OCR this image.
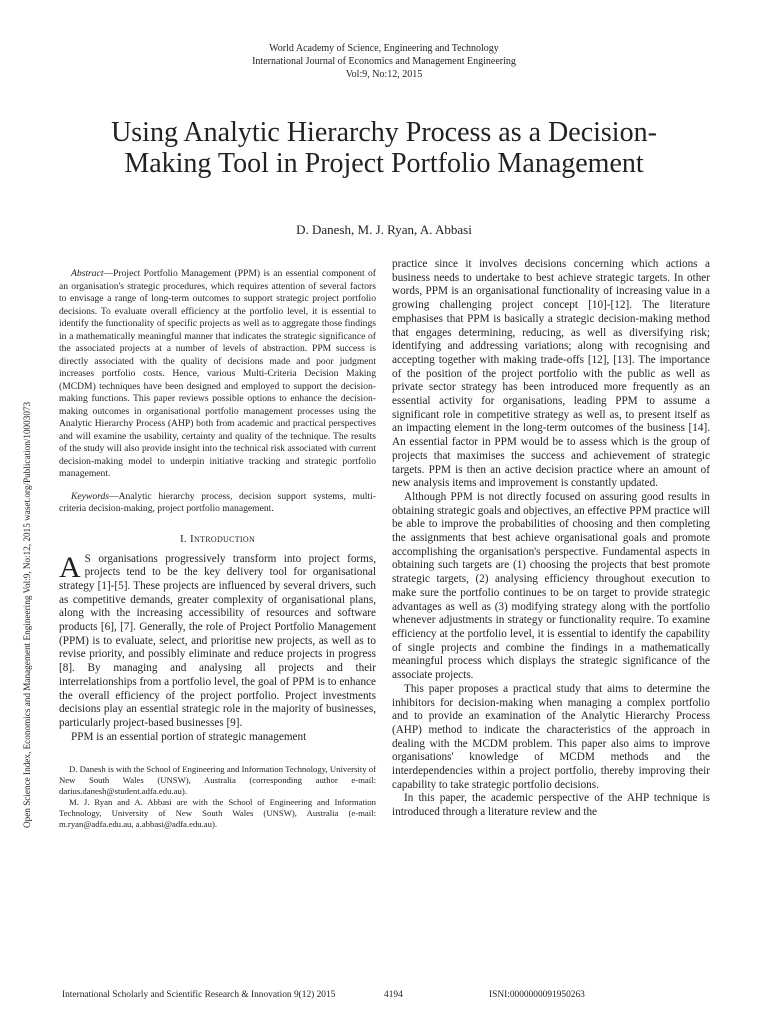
World Academy of Science, Engineering and Technology
International Journal of Economics and Management Engineering
Vol:9, No:12, 2015
Using Analytic Hierarchy Process as a Decision-Making Tool in Project Portfolio Management
D. Danesh, M. J. Ryan, A. Abbasi
Open Science Index, Economics and Management Engineering Vol:9, No:12, 2015 waset.org/Publication/10003073

Abstract—Project Portfolio Management (PPM) is an essential component of an organisation's strategic procedures, which requires attention of several factors to envisage a range of long-term outcomes to support strategic project portfolio decisions. To evaluate overall efficiency at the portfolio level, it is essential to identify the functionality of specific projects as well as to aggregate those findings in a mathematically meaningful manner that indicates the strategic significance of the associated projects at a number of levels of abstraction. PPM success is directly associated with the quality of decisions made and poor judgment increases portfolio costs. Hence, various Multi-Criteria Decision Making (MCDM) techniques have been designed and employed to support the decision-making functions. This paper reviews possible options to enhance the decision-making outcomes in organisational portfolio management processes using the Analytic Hierarchy Process (AHP) both from academic and practical perspectives and will examine the usability, certainty and quality of the technique. The results of the study will also provide insight into the technical risk associated with current decision-making model to underpin initiative tracking and strategic portfolio management.

Keywords—Analytic hierarchy process, decision support systems, multi-criteria decision-making, project portfolio management.

I. Introduction

A S organisations progressively transform into project forms, projects tend to be the key delivery tool for organisational strategy [1]-[5]. These projects are influenced by several drivers, such as competitive demands, greater complexity of organisational plans, along with the increasing accessibility of resources and software products [6], [7]. Generally, the role of Project Portfolio Management (PPM) is to evaluate, select, and prioritise new projects, as well as to revise priority, and possibly eliminate and reduce projects in progress [8]. By managing and analysing all projects and their interrelationships from a portfolio level, the goal of PPM is to enhance the overall efficiency of the project portfolio. Project investments decisions play an essential strategic role in the majority of businesses, particularly project-based businesses [9].

PPM is an essential portion of strategic management

D. Danesh is with the School of Engineering and Information Technology, University of New South Wales (UNSW), Australia (corresponding author e-mail: darius.danesh@student.adfa.edu.au).

M. J. Ryan and A. Abbasi are with the School of Engineering and Information Technology, University of New South Wales (UNSW), Australia (e-mail: m.ryan@adfa.edu.au, a.abbasi@adfa.edu.au).

practice since it involves decisions concerning which actions a business needs to undertake to best achieve strategic targets. In other words, PPM is an organisational functionality of increasing value in a growing challenging project concept [10]-[12]. The literature emphasises that PPM is basically a strategic decision-making method that engages determining, reducing, as well as diversifying risk; identifying and addressing variations; along with recognising and accepting together with making trade-offs [12], [13]. The importance of the position of the project portfolio with the public as well as private sector strategy has been introduced more frequently as an essential activity for organisations, leading PPM to assume a significant role in competitive strategy as well as, to present itself as an impacting element in the long-term outcomes of the business [14]. An essential factor in PPM would be to assess which is the group of projects that maximises the success and achievement of strategic targets. PPM is then an active decision practice where an amount of new analysis items and improvement is constantly updated.

Although PPM is not directly focused on assuring good results in obtaining strategic goals and objectives, an effective PPM practice will be able to improve the probabilities of choosing and then completing the assignments that best achieve organisational goals and promote accomplishing the organisation's perspective. Fundamental aspects in obtaining such targets are (1) choosing the projects that best promote strategic targets, (2) analysing efficiency throughout execution to make sure the portfolio continues to be on target to provide strategic advantages as well as (3) modifying strategy along with the portfolio whenever adjustments in strategy or functionality require. To examine efficiency at the portfolio level, it is essential to identify the capability of single projects and combine the findings in a mathematically meaningful process which displays the strategic significance of the associate projects.

This paper proposes a practical study that aims to determine the inhibitors for decision-making when managing a complex portfolio and to provide an examination of the Analytic Hierarchy Process (AHP) method to indicate the characteristics of the approach in dealing with the MCDM problem. This paper also aims to improve organisations' knowledge of MCDM methods and the interdependencies within a project portfolio, thereby improving their capability to take strategic portfolio decisions.

In this paper, the academic perspective of the AHP technique is introduced through a literature review and the

International Scholarly and Scientific Research & Innovation 9(12) 2015	4194	ISNI:0000000091950263
